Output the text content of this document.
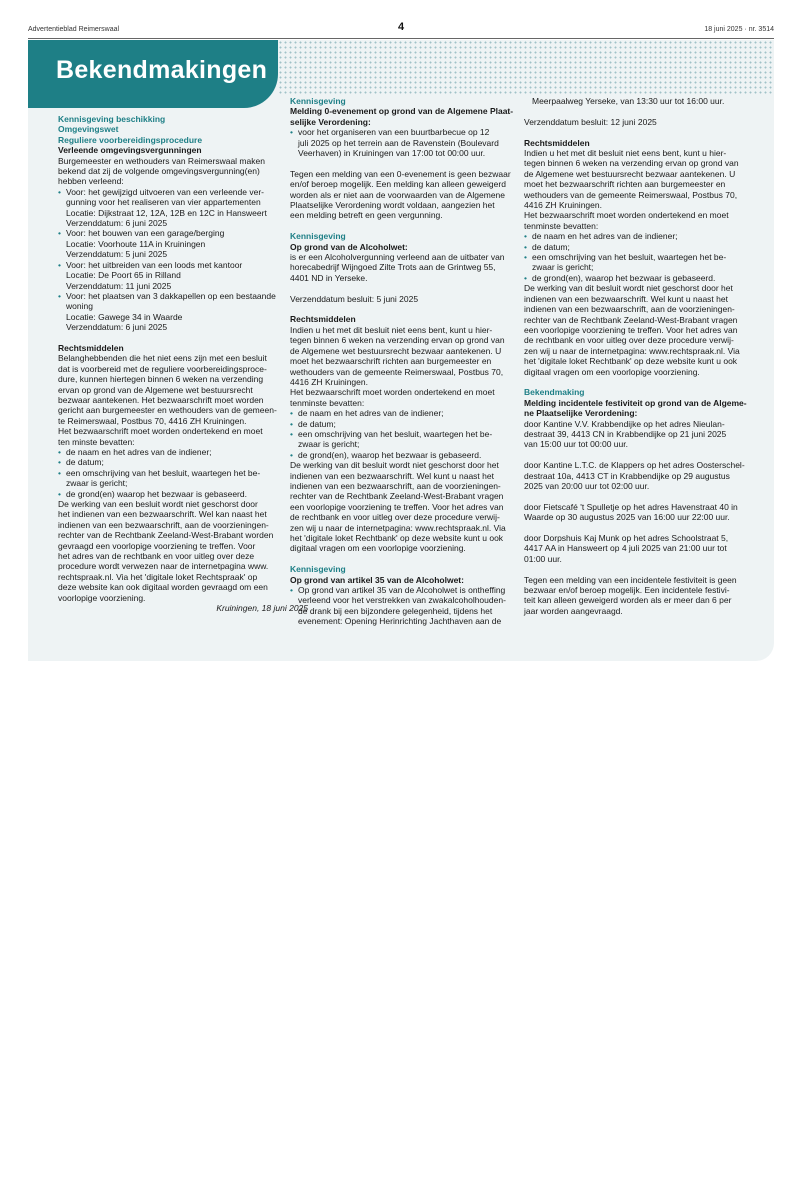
Advertentieblad Reimerswaal	4	18 juni 2025 · nr. 3514
Bekendmakingen

Kennisgeving beschikking

Omgevingswet

Reguliere voorbereidingsprocedure

Verleende omgevingsvergunningen

Burgemeester en wethouders van Reimerswaal maken

bekend dat zij de volgende omgevingsvergunning(en)

hebben verleend:

• Voor: het gewijzigd uitvoeren van een verleende ver-

gunning voor het realiseren van vier appartementen

Locatie: Dijkstraat 12, 12A, 12B en 12C in Hansweert

Verzenddatum: 6 juni 2025

• Voor: het bouwen van een garage/berging

Locatie: Voorhoute 11A in Kruiningen

Verzenddatum: 5 juni 2025

• Voor: het uitbreiden van een loods met kantoor

Locatie: De Poort 65 in Rilland

Verzenddatum: 11 juni 2025

• Voor: het plaatsen van 3 dakkapellen op een bestaande

woning

Locatie: Gawege 34 in Waarde

Verzenddatum: 6 juni 2025

Rechtsmiddelen

Belanghebbenden die het niet eens zijn met een besluit

dat is voorbereid met de reguliere voorbereidingsproce-

dure, kunnen hiertegen binnen 6 weken na verzending

ervan op grond van de Algemene wet bestuursrecht

bezwaar aantekenen. Het bezwaarschrift moet worden

gericht aan burgemeester en wethouders van de gemeen-

te Reimerswaal, Postbus 70, 4416 ZH Kruiningen.

Het bezwaarschrift moet worden ondertekend en moet

ten minste bevatten:

• de naam en het adres van de indiener;

• de datum;

• een omschrijving van het besluit, waartegen het be-

zwaar is gericht;

• de grond(en) waarop het bezwaar is gebaseerd.

De werking van een besluit wordt niet geschorst door

het indienen van een bezwaarschrift. Wel kan naast het

indienen van een bezwaarschrift, aan de voorzieningen-

rechter van de Rechtbank Zeeland-West-Brabant worden

gevraagd een voorlopige voorziening te treffen. Voor

het adres van de rechtbank en voor uitleg over deze

procedure wordt verwezen naar de internetpagina www.

rechtspraak.nl. Via het 'digitale loket Rechtspraak' op

deze website kan ook digitaal worden gevraagd om een

voorlopige voorziening.

Kruiningen, 18 juni 2025

Kennisgeving

Melding 0-evenement op grond van de Algemene Plaat-

selijke Verordening:

• voor het organiseren van een buurtbarbecue op 12

juli 2025 op het terrein aan de Ravenstein (Boulevard

Veerhaven) in Kruiningen van 17:00 tot 00:00 uur.

Tegen een melding van een 0-evenement is geen bezwaar

en/of beroep mogelijk. Een melding kan alleen geweigerd

worden als er niet aan de voorwaarden van de Algemene

Plaatselijke Verordening wordt voldaan, aangezien het

een melding betreft en geen vergunning.

Kennisgeving

Op grond van de Alcoholwet:

is er een Alcoholvergunning verleend aan de uitbater van

horecabedrijf Wijngoed Zilte Trots aan de Grintweg 55,

4401 ND in Yerseke.

Verzenddatum besluit: 5 juni 2025

Rechtsmiddelen

Indien u het met dit besluit niet eens bent, kunt u hier-

tegen binnen 6 weken na verzending ervan op grond van

de Algemene wet bestuursrecht bezwaar aantekenen. U

moet het bezwaarschrift richten aan burgemeester en

wethouders van de gemeente Reimerswaal, Postbus 70,

4416 ZH Kruiningen.

Het bezwaarschrift moet worden ondertekend en moet

tenminste bevatten:

• de naam en het adres van de indiener;

• de datum;

• een omschrijving van het besluit, waartegen het be-

zwaar is gericht;

• de grond(en), waarop het bezwaar is gebaseerd.

De werking van dit besluit wordt niet geschorst door het

indienen van een bezwaarschrift. Wel kunt u naast het

indienen van een bezwaarschrift, aan de voorzieningen-

rechter van de Rechtbank Zeeland-West-Brabant vragen

een voorlopige voorziening te treffen. Voor het adres van

de rechtbank en voor uitleg over deze procedure verwij-

zen wij u naar de internetpagina: www.rechtspraak.nl. Via

het 'digitale loket Rechtbank' op deze website kunt u ook

digitaal vragen om een voorlopige voorziening.

Kennisgeving

Op grond van artikel 35 van de Alcoholwet:

• Op grond van artikel 35 van de Alcoholwet is ontheffing

verleend voor het verstrekken van zwakalcoholhouden-

de drank bij een bijzondere gelegenheid, tijdens het

evenement: Opening Herinrichting Jachthaven aan de

Meerpaalweg Yerseke, van 13:30 uur tot 16:00 uur.

Verzenddatum besluit: 12 juni 2025

Rechtsmiddelen

Indien u het met dit besluit niet eens bent, kunt u hier-

tegen binnen 6 weken na verzending ervan op grond van

de Algemene wet bestuursrecht bezwaar aantekenen. U

moet het bezwaarschrift richten aan burgemeester en

wethouders van de gemeente Reimerswaal, Postbus 70,

4416 ZH Kruiningen.

Het bezwaarschrift moet worden ondertekend en moet

tenminste bevatten:

• de naam en het adres van de indiener;

• de datum;

• een omschrijving van het besluit, waartegen het be-

zwaar is gericht;

• de grond(en), waarop het bezwaar is gebaseerd.

De werking van dit besluit wordt niet geschorst door het

indienen van een bezwaarschrift. Wel kunt u naast het

indienen van een bezwaarschrift, aan de voorzieningen-

rechter van de Rechtbank Zeeland-West-Brabant vragen

een voorlopige voorziening te treffen. Voor het adres van

de rechtbank en voor uitleg over deze procedure verwij-

zen wij u naar de internetpagina: www.rechtspraak.nl. Via

het 'digitale loket Rechtbank' op deze website kunt u ook

digitaal vragen om een voorlopige voorziening.

Bekendmaking

Melding incidentele festiviteit op grond van de Algeme-

ne Plaatselijke Verordening:

door Kantine V.V. Krabbendijke op het adres Nieulan-

destraat 39, 4413 CN in Krabbendijke op 21 juni 2025

van 15:00 uur tot 00:00 uur.

door Kantine L.T.C. de Klappers op het adres Oosterschel-

destraat 10a, 4413 CT in Krabbendijke op 29 augustus

2025 van 20:00 uur tot 02:00 uur.

door Fietscafé 't Spulletje op het adres Havenstraat 40 in

Waarde op 30 augustus 2025 van 16:00 uur 22:00 uur.

door Dorpshuis Kaj Munk op het adres Schoolstraat 5,

4417 AA in Hansweert op 4 juli 2025 van 21:00 uur tot

01:00 uur.

Tegen een melding van een incidentele festiviteit is geen

bezwaar en/of beroep mogelijk. Een incidentele festivi-

teit kan alleen geweigerd worden als er meer dan 6 per

jaar worden aangevraagd.
